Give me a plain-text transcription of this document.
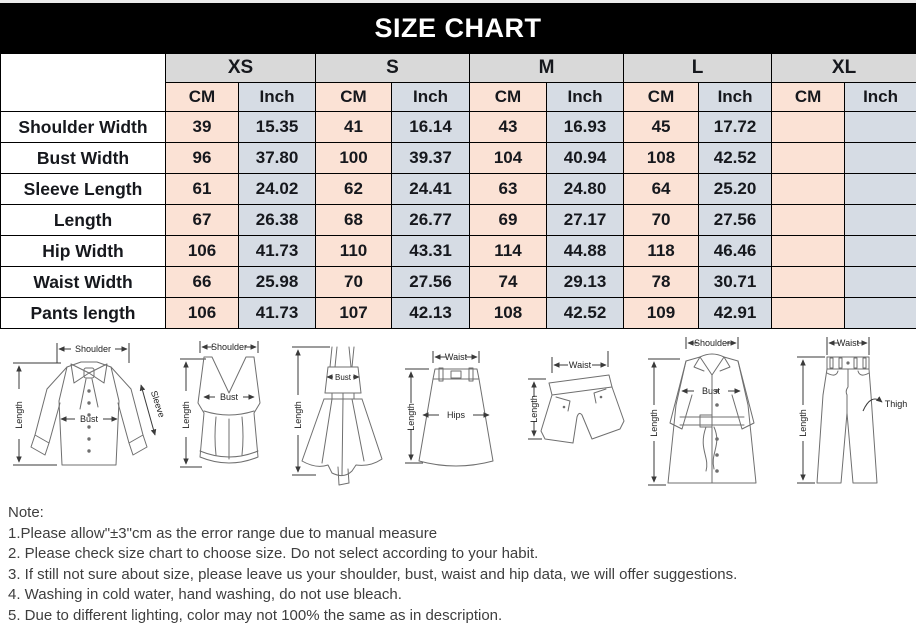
SIZE CHART
	XS		S		M		L		XL	
	CM	Inch	CM	Inch	CM	Inch	CM	Inch	CM	Inch
Shoulder Width	39	15.35	41	16.14	43	16.93	45	17.72		
Bust Width	96	37.80	100	39.37	104	40.94	108	42.52		
Sleeve Length	61	24.02	62	24.41	63	24.80	64	25.20		
Length	67	26.38	68	26.77	69	27.17	70	27.56		
Hip Width	106	41.73	110	43.31	114	44.88	118	46.46		
Waist Width	66	25.98	70	27.56	74	29.13	78	30.71		
Pants length	106	41.73	107	42.13	108	42.52	109	42.91		
Shoulder
Length	Bust
Sleeve
Shoulder
Length
Bust
Bust
Length
Waist
Hips
Length
Waist
Length
Shoulder
Bust
Length
Waist
Length
Thigh
Note:
1.Please allow"±3"cm as the error range due to manual measure
2. Please check size chart to choose size. Do not select according to your habit.
3. If still not sure about size, please leave us your shoulder, bust, waist and hip data, we will offer suggestions.
4. Washing in cold water, hand washing, do not use bleach.
5. Due to different lighting, color may not 100% the same as in description.
